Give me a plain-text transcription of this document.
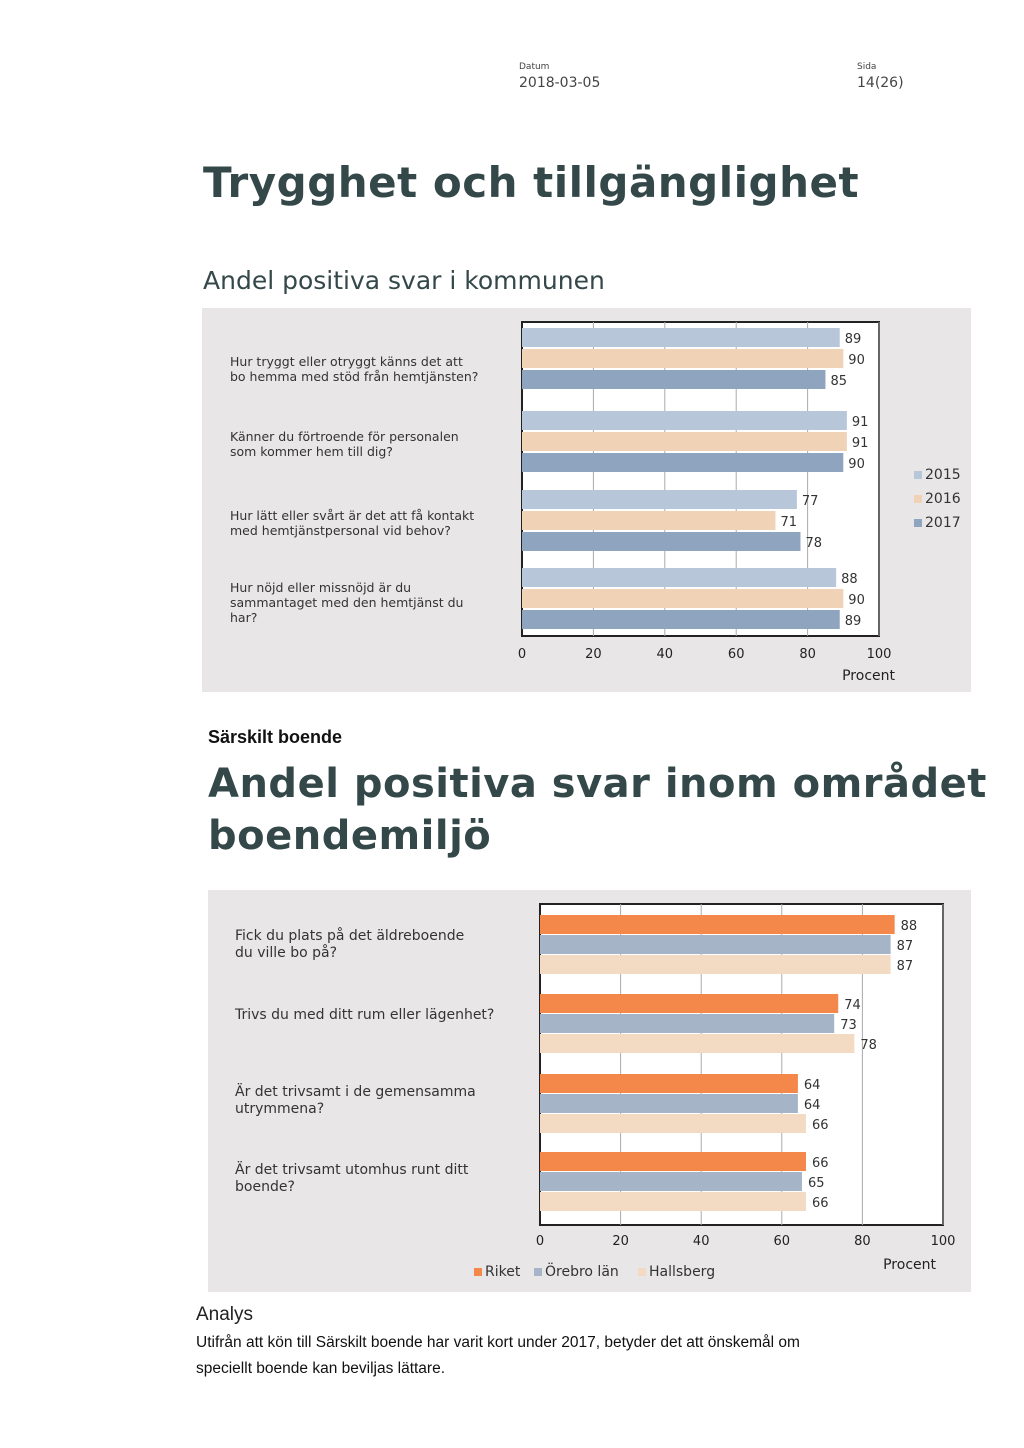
Datum
2018-03-05
Sida
14(26)
Trygghet och tillgänglighet
Andel positiva svar i kommunen
0	20	40	60	80	100
89
90
85
Hur tryggt eller otryggt känns det att
bo hemma med stöd från hemtjänsten?
91
91
90
Känner du förtroende för personalen
som kommer hem till dig?
77
71
78
Hur lätt eller svårt är det att få kontakt
med hemtjänstpersonal vid behov?
88
90
89
Hur nöjd eller missnöjd är du
sammantaget med den hemtjänst du
har?
Procent
2015
2016
2017
Särskilt boende
Andel positiva svar inom området boendemiljö
0	20	40	60	80	100
88
87
87
Fick du plats på det äldreboende
du ville bo på?
74
73
78
Trivs du med ditt rum eller lägenhet?
64
64
66
Är det trivsamt i de gemensamma
utrymmena?
66
65
66
Är det trivsamt utomhus runt ditt
boende?
Procent
Riket Örebro län Hallsberg
Analys

Utifrån att kön till Särskilt boende har varit kort under 2017, betyder det att önskemål om speciellt boende kan beviljas lättare.
